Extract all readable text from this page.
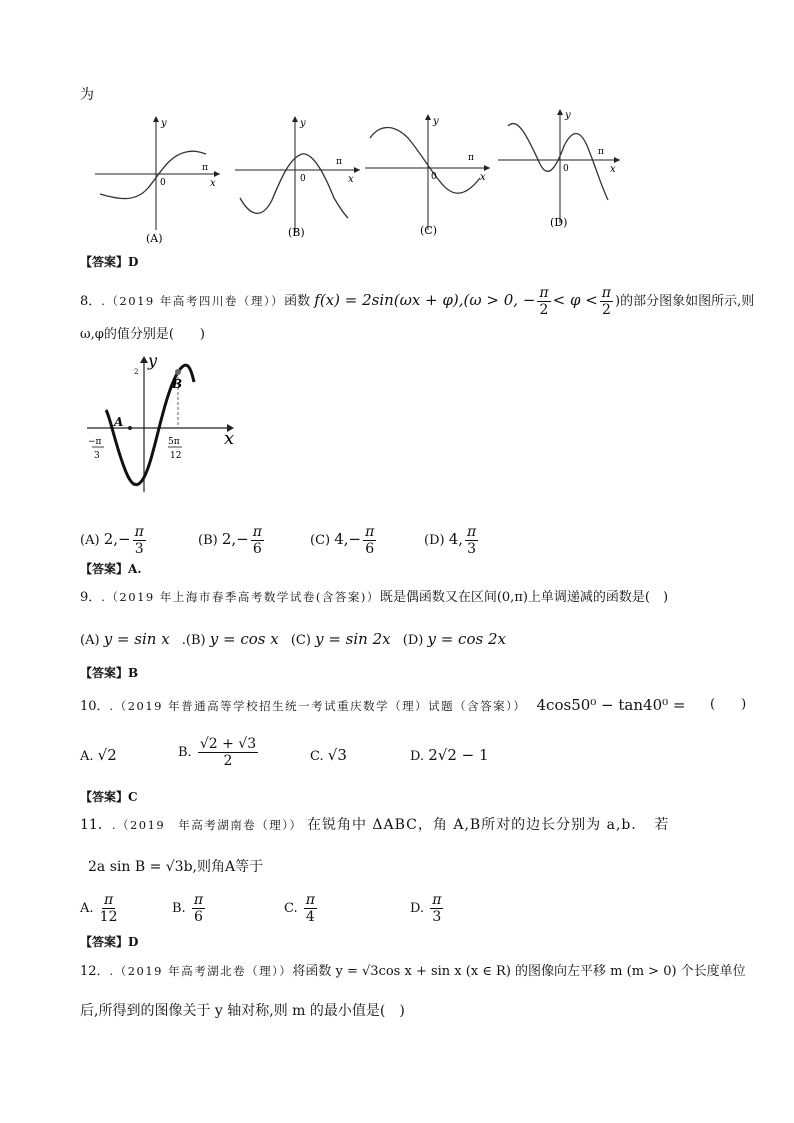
为
y
x
0
π
(A)
y
x
0
π
(B)
y
x
0
π
(C)
y
x
0
π
(D)
【答案】D
8．.（2019 年高考四川卷（理））函数 f(x) = 2sin(ωx + φ),(ω > 0, − $\frac{\pi}{2} < \varphi < \frac{\pi}{2}$ )的部分图象如图所示,则
ω,φ的值分别是(　　)
y
x
2
A
B
−π
3
5π
12
(A) $2,- \frac{\pi}{3}$	(B) $2,- \frac{\pi}{6}$	(C) $4,- \frac{\pi}{6}$	(D) 4, $\frac{\pi}{3}$
【答案】A.
9．.（2019 年上海市春季高考数学试卷(含答案)）既是偶函数又在区间(0,π)上单调递减的函数是(　)
(A) y = sin x .(B) y = cos x (C) y = sin 2x (D) y = cos 2x
【答案】B
10．.（2019 年普通高等学校招生统一考试重庆数学（理）试题（含答案）） 4cos50⁰ − tan40⁰ = (　　)
A. √2	B. $\frac{√2 + √3}{2}$	C. √3	D. 2√2 − 1
【答案】C
11．.（2019　年高考湖南卷（理）） 在锐角中 ΔABC，角 A,B所对的边长分别为 a,b．　若
2a sin B = √3b,则角A等于
A. $\frac{\pi}{12}$	B. $\frac{\pi}{6}$	C. $\frac{\pi}{4}$	D. $\frac{\pi}{3}$
【答案】D
12．.（2019 年高考湖北卷（理））将函数 y = √3cos x + sin x (x ∈ R) 的图像向左平移 m (m > 0) 个长度单位
后,所得到的图像关于 y 轴对称,则 m 的最小值是(　)
